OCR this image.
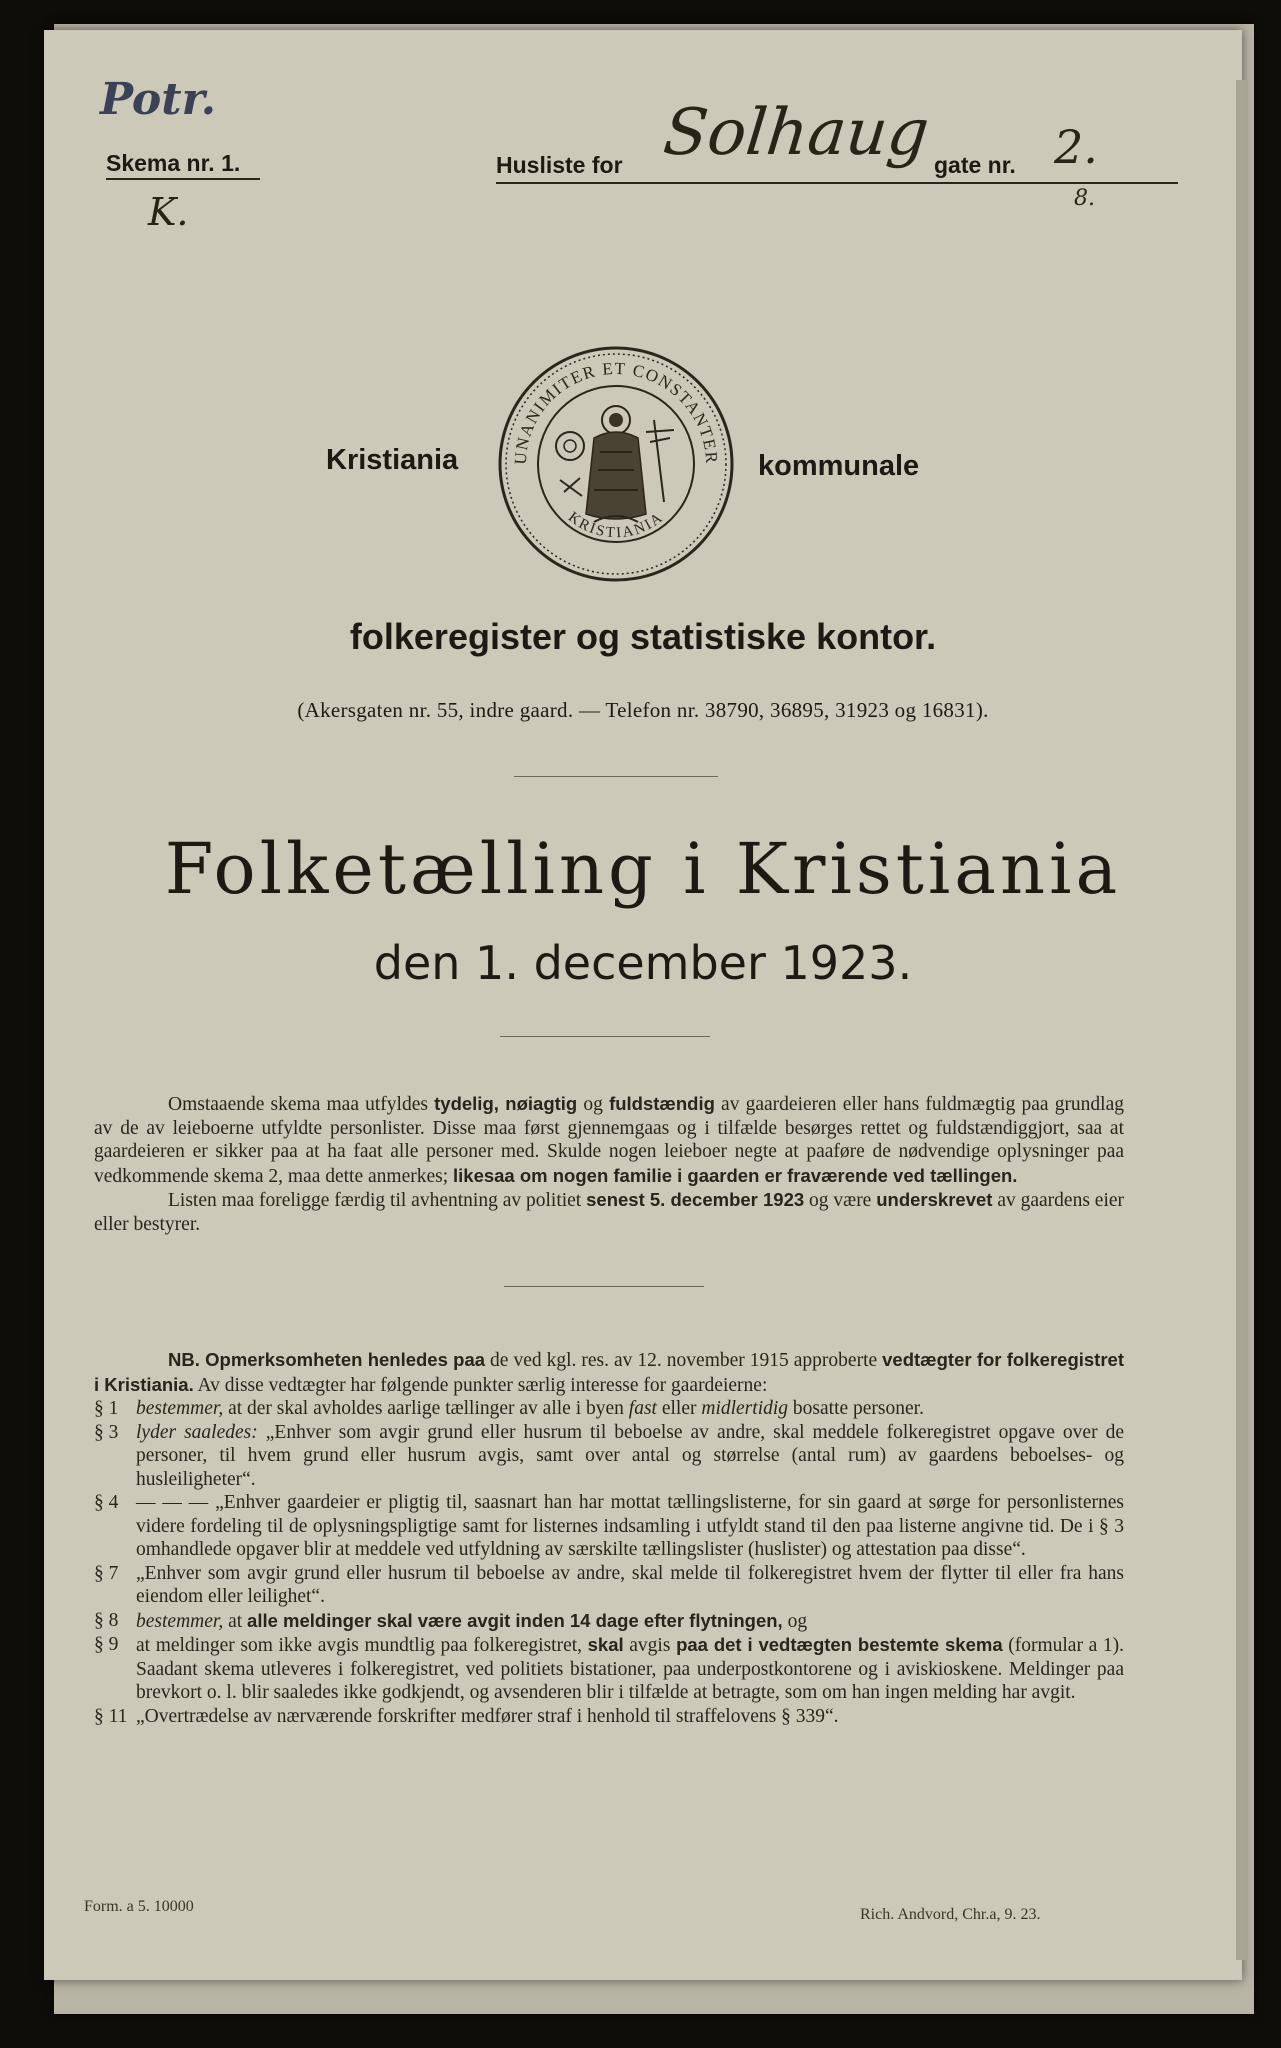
Potr.
Skema nr. 1.
K.
Husliste for Solhaug gate nr. 2.
8.
Kristiania	UNANIMITER ET CONSTANTER
KRISTIANIA
kommunale
folkeregister og statistiske kontor.
(Akersgaten nr. 55, indre gaard. — Telefon nr. 38790, 36895, 31923 og 16831).
Folketælling i Kristiania
den 1. december 1923.

Omstaaende skema maa utfyldes tydelig, nøiagtig og fuldstændig av gaardeieren eller hans fuldmægtig paa grundlag av de av leieboerne utfyldte personlister. Disse maa først gjennemgaas og i tilfælde besørges rettet og fuldstændiggjort, saa at gaardeieren er sikker paa at ha faat alle personer med. Skulde nogen leieboer negte at paaføre de nødvendige oplysninger paa vedkommende skema 2, maa dette anmerkes; likesaa om nogen familie i gaarden er fraværende ved tællingen.

Listen maa foreligge færdig til avhentning av politiet senest 5. december 1923 og være underskrevet av gaardens eier eller bestyrer.

NB. Opmerksomheten henledes paa de ved kgl. res. av 12. november 1915 approberte vedtægter for folkeregistret i Kristiania. Av disse vedtægter har følgende punkter særlig interesse for gaardeierne:

§ 1 bestemmer, at der skal avholdes aarlige tællinger av alle i byen fast eller midlertidig bosatte personer.
§ 3 lyder saaledes: „Enhver som avgir grund eller husrum til beboelse av andre, skal meddele folkeregistret opgave over de personer, til hvem grund eller husrum avgis, samt over antal og størrelse (antal rum) av gaardens beboelses- og husleiligheter“.
§ 4 — — — „Enhver gaardeier er pligtig til, saasnart han har mottat tællingslisterne, for sin gaard at sørge for personlisternes videre fordeling til de oplysningspligtige samt for listernes indsamling i utfyldt stand til den paa listerne angivne tid. De i § 3 omhandlede opgaver blir at meddele ved utfyldning av særskilte tællingslister (huslister) og attestation paa disse“.
§ 7 „Enhver som avgir grund eller husrum til beboelse av andre, skal melde til folkeregistret hvem der flytter til eller fra hans eiendom eller leilighet“.
§ 8 bestemmer, at alle meldinger skal være avgit inden 14 dage efter flytningen, og
§ 9 at meldinger som ikke avgis mundtlig paa folkeregistret, skal avgis paa det i vedtægten bestemte skema (formular a 1). Saadant skema utleveres i folkeregistret, ved politiets bistationer, paa underpostkontorene og i aviskioskene. Meldinger paa brevkort o. l. blir saaledes ikke godkjendt, og avsenderen blir i tilfælde at betragte, som om han ingen melding har avgit.
§ 11 „Overtrædelse av nærværende forskrifter medfører straf i henhold til straffelovens § 339“.
Form. a 5. 10000	Rich. Andvord, Chr.a, 9. 23.
